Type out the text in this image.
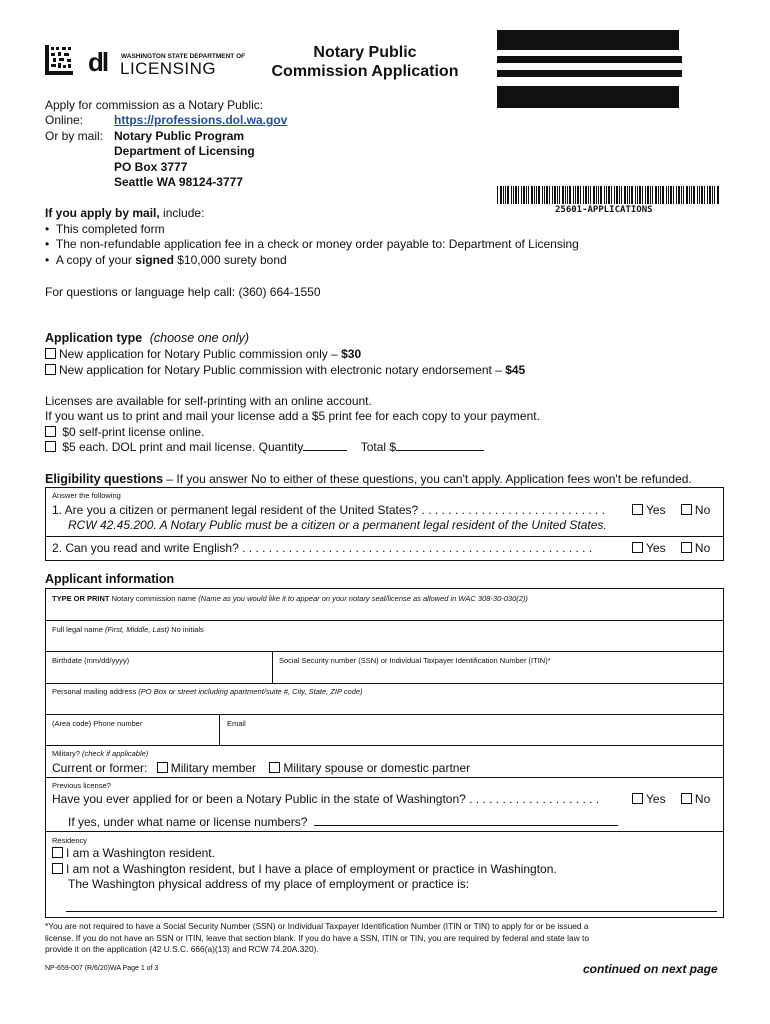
dl WASHINGTON STATE DEPARTMENT OF
LICENSING
Notary Public
Commission Application
25601-APPLICATIONS
Apply for commission as a Notary Public:
Online:	https://professions.dol.wa.gov
Or by mail: Notary Public Program
Department of Licensing
PO Box 3777
Seattle WA 98124-3777
If you apply by mail, include:
•  This completed form
•  The non-refundable application fee in a check or money order payable to: Department of Licensing
•  A copy of your signed $10,000 surety bond
For questions or language help call: (360) 664-1550
Application type (choose one only)
New application for Notary Public commission only – $30
New application for Notary Public commission with electronic notary endorsement – $45
Licenses are available for self-printing with an online account.
If you want us to print and mail your license add a $5 print fee for each copy to your payment.
$0 self-print license online.
$5 each. DOL print and mail license. Quantity	Total $
Eligibility questions – If you answer No to either of these questions, you can't apply. Application fees won't be refunded.
Answer the following
1. Are you a citizen or permanent legal resident of the United States? . . . . . . . . . . . . . . . . . . . . . . . . . . . .	Yes No
RCW 42.45.200. A Notary Public must be a citizen or a permanent legal resident of the United States.
2. Can you read and write English? . . . . . . . . . . . . . . . . . . . . . . . . . . . . . . . . . . . . . . . . . . . . . . . . . . . . .	Yes No
Applicant information
TYPE OR PRINT Notary commission name (Name as you would like it to appear on your notary seal/license as allowed in WAC 308-30-030(2))
Full legal name (First, Middle, Last) No initials
Birthdate (mm/dd/yyyy)	Social Security number (SSN) or Individual Taxpayer Identification Number (ITIN)*
Personal mailing address (PO Box or street including apartment/suite #, City, State, ZIP code)
(Area code) Phone number	Email
Military? (check if applicable)
Current or former: Military member Military spouse or domestic partner
Previous license?
Have you ever applied for or been a Notary Public in the state of Washington? . . . . . . . . . . . . . . . . . . . .	Yes No
If yes, under what name or license numbers?
Residency
I am a Washington resident.
I am not a Washington resident, but I have a place of employment or practice in Washington.
The Washington physical address of my place of employment or practice is:
*You are not required to have a Social Security Number (SSN) or Individual Taxpayer Identification Number (ITIN or TIN) to apply for or be issued a
license. If you do not have an SSN or ITIN, leave that section blank. If you do have a SSN, ITIN or TIN, you are required by federal and state law to
provide it on the application (42 U.S.C. 666(a)(13) and RCW 74.20A.320).
NP-659-007 (R/6/20)WA Page 1 of 3	continued on next page
